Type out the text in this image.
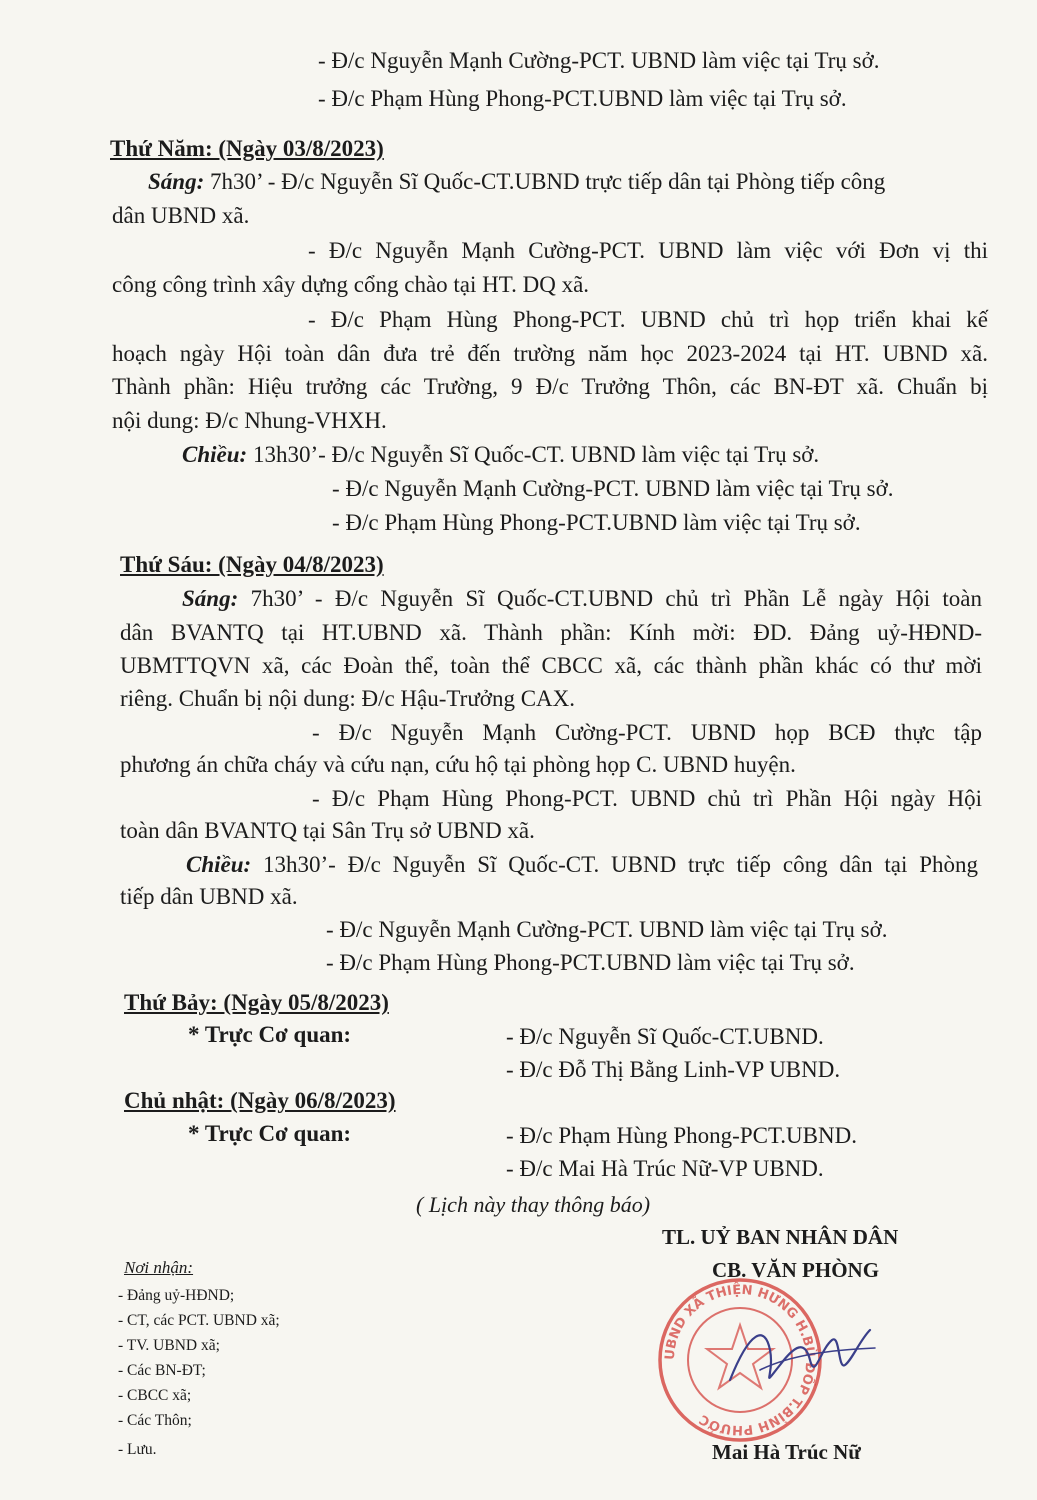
- Đ/c Nguyễn Mạnh Cường-PCT. UBND làm việc tại Trụ sở.
- Đ/c Phạm Hùng Phong-PCT.UBND làm việc tại Trụ sở.
Thứ Năm: (Ngày 03/8/2023)
Sáng: 7h30’ - Đ/c Nguyễn Sĩ Quốc-CT.UBND trực tiếp dân tại Phòng tiếp công
dân UBND xã.
- Đ/c Nguyễn Mạnh Cường-PCT. UBND làm việc với Đơn vị thi
công công trình xây dựng cổng chào tại HT. DQ xã.
- Đ/c Phạm Hùng Phong-PCT. UBND chủ trì họp triển khai kế
hoạch ngày Hội toàn dân đưa trẻ đến trường năm học 2023-2024 tại HT. UBND xã.
Thành phần: Hiệu trưởng các Trường, 9 Đ/c Trưởng Thôn, các BN-ĐT xã. Chuẩn bị
nội dung: Đ/c Nhung-VHXH.
Chiều: 13h30’- Đ/c Nguyễn Sĩ Quốc-CT. UBND làm việc tại Trụ sở.
- Đ/c Nguyễn Mạnh Cường-PCT. UBND làm việc tại Trụ sở.
- Đ/c Phạm Hùng Phong-PCT.UBND làm việc tại Trụ sở.
Thứ Sáu: (Ngày 04/8/2023)
Sáng: 7h30’ - Đ/c Nguyễn Sĩ Quốc-CT.UBND chủ trì Phần Lễ ngày Hội toàn
dân BVANTQ tại HT.UBND xã. Thành phần: Kính mời: ĐD. Đảng uỷ-HĐND-
UBMTTQVN xã, các Đoàn thể, toàn thể CBCC xã, các thành phần khác có thư mời
riêng. Chuẩn bị nội dung: Đ/c Hậu-Trưởng CAX.
- Đ/c Nguyễn Mạnh Cường-PCT. UBND họp BCĐ thực tập
phương án chữa cháy và cứu nạn, cứu hộ tại phòng họp C. UBND huyện.
- Đ/c Phạm Hùng Phong-PCT. UBND chủ trì Phần Hội ngày Hội
toàn dân BVANTQ tại Sân Trụ sở UBND xã.
Chiều: 13h30’- Đ/c Nguyễn Sĩ Quốc-CT. UBND trực tiếp công dân tại Phòng
tiếp dân UBND xã.
- Đ/c Nguyễn Mạnh Cường-PCT. UBND làm việc tại Trụ sở.
- Đ/c Phạm Hùng Phong-PCT.UBND làm việc tại Trụ sở.
Thứ Bảy: (Ngày 05/8/2023)
* Trực Cơ quan:	- Đ/c Nguyễn Sĩ Quốc-CT.UBND.
- Đ/c Đỗ Thị Bằng Linh-VP UBND.
Chủ nhật: (Ngày 06/8/2023)
* Trực Cơ quan:	- Đ/c Phạm Hùng Phong-PCT.UBND.
- Đ/c Mai Hà Trúc Nữ-VP UBND.
( Lịch này thay thông báo)
Nơi nhận:
- Đảng uỷ-HĐND;
- CT, các PCT. UBND xã;
- TV. UBND xã;
- Các BN-ĐT;
- CBCC xã;
- Các Thôn;
- Lưu.
TL. UỶ BAN NHÂN DÂN
CB. VĂN PHÒNG
UBND XÃ THIỆN HƯNG H.BÙ ĐỐP T.BÌNH PHƯỚC
Mai Hà Trúc Nữ
